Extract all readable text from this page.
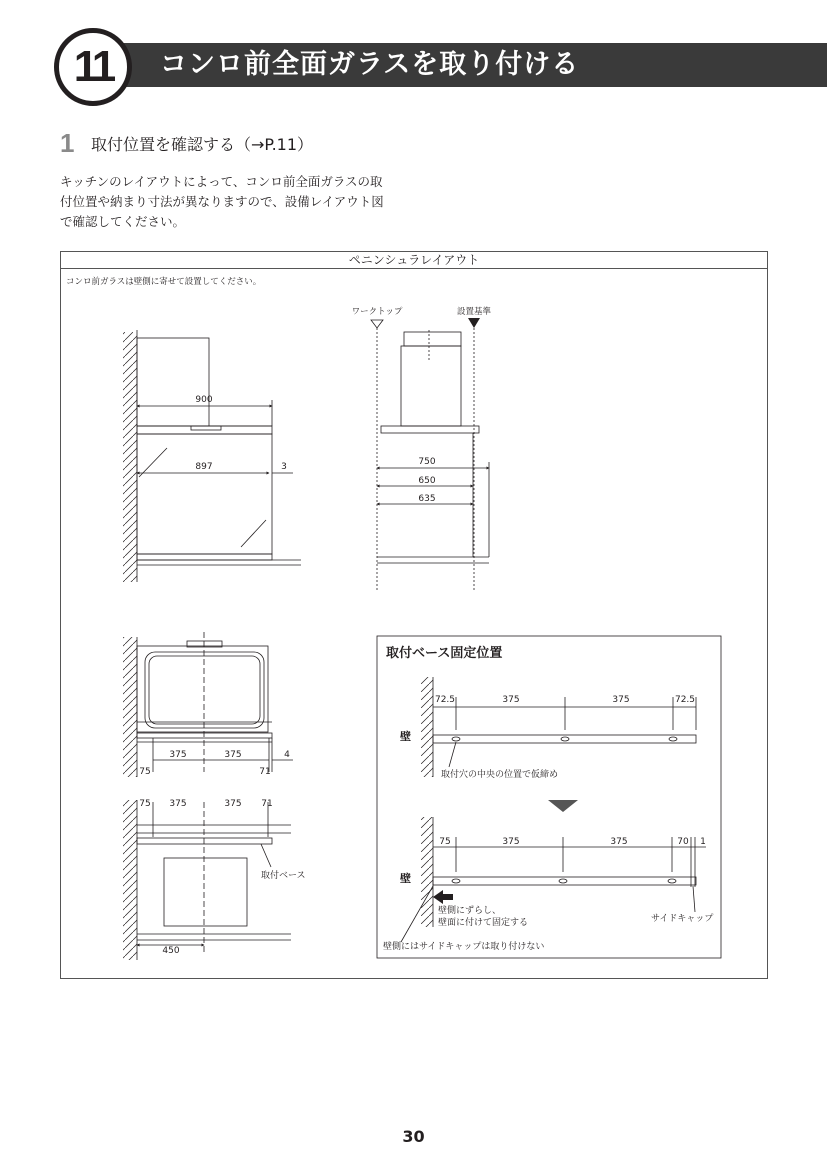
コンロ前全面ガラスを取り付ける
11
1 取付位置を確認する（→P.11）
キッチンのレイアウトによって、コンロ前全面ガラスの取
付位置や納まり寸法が異なりますので、設備レイアウト図
で確認してください。
ペニンシュラレイアウト
コンロ前ガラスは壁側に寄せて設置してください。
900
897	3
ワークトップ	設置基準
750
650
635
375	375	4
75	71
75 375	375 71
取付ベース
450
取付ベース固定位置
壁
72.5	375	375	72.5
取付穴の中央の位置で仮締め
壁
75	375	375	70 1
壁側にずらし、
壁面に付けて固定する	サイドキャップ
壁側にはサイドキャップは取り付けない
30
